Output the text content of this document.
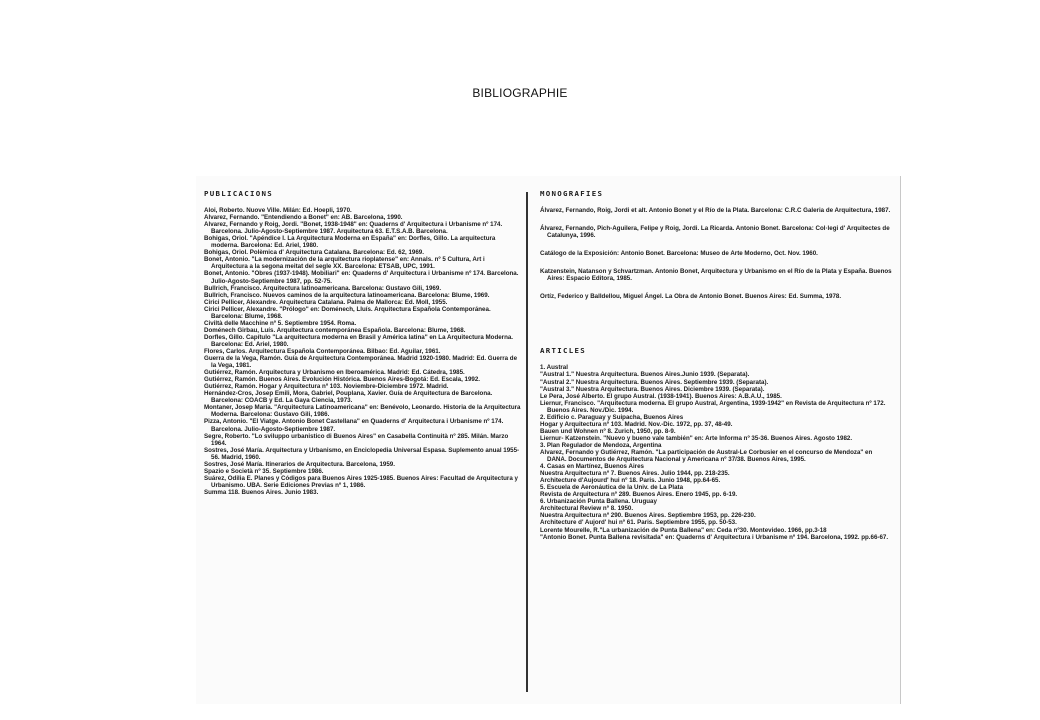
BIBLIOGRAPHIE
PUBLICACIONS

Aloi, Roberto. Nuove Ville. Milán: Ed. Hoepli, 1970.

Alvarez, Fernando. "Entendiendo a Bonet" en: AB. Barcelona, 1990.

Alvarez, Fernando y Roig, Jordi. "Bonet, 1938-1948" en: Quaderns d' Arquitectura i Urbanisme nº 174. Barcelona. Julio-Agosto-Septiembre 1987. Arquitectura 63. E.T.S.A.B. Barcelona.

Bohigas, Oriol. "Apéndice I. La Arquitectura Moderna en España" en: Dorfles, Gillo. La arquitectura moderna. Barcelona: Ed. Ariel, 1980.

Bohigas, Oriol. Polèmica d' Arquitectura Catalana. Barcelona: Ed. 62, 1969.

Bonet, Antonio. "La modernización de la arquitectura rioplatense" en: Annals. nº 5 Cultura, Art i Arquitectura a la segona meitat del segle XX. Barcelona: ETSAB, UPC, 1991.

Bonet, Antonio. "Obres (1937-1948). Mobiliari" en: Quaderns d' Arquitectura i Urbanisme nº 174. Barcelona. Julio-Agosto-Septiembre 1987, pp. 52-75.

Bullrich, Francisco. Arquitectura latinoamericana. Barcelona: Gustavo Gili, 1969.

Bullrich, Francisco. Nuevos caminos de la arquitectura latinoamericana. Barcelona: Blume, 1969.

Cirici Pellicer, Alexandre. Arquitectura Catalana. Palma de Mallorca: Ed. Moll, 1955.

Cirici Pellicer, Alexandre. "Prólogo" en: Doménech, Lluís. Arquitectura Española Contemporánea. Barcelona: Blume, 1968.

Civiltà delle Macchine nº 5. Septiembre 1954. Roma.

Doménech Girbau, Luís. Arquitectura contemporánea Española. Barcelona: Blume, 1968.

Dorfles, Gillo. Capítulo "La arquitectura moderna en Brasil y América latina" en La Arquitectura Moderna. Barcelona: Ed. Ariel, 1980.

Flores, Carlos. Arquitectura Española Contemporánea. Bilbao: Ed. Aguilar, 1961.

Guerra de la Vega, Ramón. Guía de Arquitectura Contemporánea. Madrid 1920-1980. Madrid: Ed. Guerra de la Vega, 1981.

Gutiérrez, Ramón. Arquitectura y Urbanismo en Iberoamérica. Madrid: Ed. Cátedra, 1985.

Gutiérrez, Ramón. Buenos Aires. Evolución Histórica. Buenos Aires-Bogotá: Ed. Escala, 1992.

Gutiérrez, Ramón. Hogar y Arquitectura nº 103. Noviembre-Diciembre 1972. Madrid.

Hernández-Cros, Josep Emili, Mora, Gabriel, Pouplana, Xavier. Guía de Arquitectura de Barcelona. Barcelona: COACB y Ed. La Gaya Ciencia, 1973.

Montaner, Josep María. "Arquitectura Latinoamericana" en: Benévolo, Leonardo. Historia de la Arquitectura Moderna. Barcelona: Gustavo Gili, 1986.

Pizza, Antonio. "El Viatge. Antonio Bonet Castellana" en Quaderns d' Arquitectura i Urbanisme nº 174. Barcelona. Julio-Agosto-Septiembre 1987.

Segre, Roberto. "Lo sviluppo urbanistico di Buenos Aires" en Casabella Continuità nº 285. Milán. Marzo 1964.

Sostres, José María. Arquitectura y Urbanismo, en Enciclopedia Universal Espasa. Suplemento anual 1955-56. Madrid, 1960.

Sostres, José María. Itinerarios de Arquitectura. Barcelona, 1959.

Spazio e Società nº 35. Septiembre 1986.

Suárez, Odilia E. Planes y Códigos para Buenos Aires 1925-1985. Buenos Aires: Facultad de Arquitectura y Urbanismo. UBA. Serie Ediciones Previas nº 1, 1986.

Summa 118. Buenos Aires. Junio 1983.

MONOGRAFIES

Álvarez, Fernando, Roig, Jordi et alt. Antonio Bonet y el Río de la Plata. Barcelona: C.R.C Galeria de Arquitectura, 1987.

Álvarez, Fernando, Pich-Aguilera, Felipe y Roig, Jordi. La Ricarda. Antonio Bonet. Barcelona: Col·legi d' Arquitectes de Catalunya, 1996.

Catálogo de la Exposición: Antonio Bonet. Barcelona: Museo de Arte Moderno, Oct. Nov. 1960.

Katzenstein, Natanson y Schvartzman. Antonio Bonet, Arquitectura y Urbanismo en el Río de la Plata y España. Buenos Aires: Espacio Editora, 1985.

Ortíz, Federico y Balldellou, Miguel Ángel. La Obra de Antonio Bonet. Buenos Aires: Ed. Summa, 1978.

ARTICLES

1. Austral

"Austral 1." Nuestra Arquitectura. Buenos Aires.Junio 1939. (Separata).

"Austral 2." Nuestra Arquitectura. Buenos Aires. Septiembre 1939. (Separata).

"Austral 3." Nuestra Arquitectura. Buenos Aires. Diciembre 1939. (Separata).

Le Pera, José Alberto. El grupo Austral. (1938-1941). Buenos Aires: A.B.A.U., 1985.

Liernur, Francisco. "Arquitectura moderna. El grupo Austral, Argentina, 1939-1942" en Revista de Arquitectura nº 172. Buenos Aires. Nov./Dic. 1994.

2. Edificio c. Paraguay y Suipacha, Buenos Aires

Hogar y Arquitectura nº 103. Madrid. Nov.-Dic. 1972, pp. 37, 48-49.

Bauen und Wohnen nº 8. Zurich, 1950, pp. 8-9.

Liernur- Katzenstein. "Nuevo y bueno vale también" en: Arte Informa nº 35-36. Buenos Aires. Agosto 1982.

3. Plan Regulador de Mendoza, Argentina

Alvarez, Fernando y Gutiérrez, Ramón. "La participación de Austral-Le Corbusier en el concurso de Mendoza" en DANA. Documentos de Arquitectura Nacional y Americana nº 37/38. Buenos Aires, 1995.

4. Casas en Martínez, Buenos Aires

Nuestra Arquitectura nº 7. Buenos Aires. Julio 1944, pp. 218-235.

Architecture d'Aujourd' hui nº 18. Paris. Junio 1948, pp.64-65.

5. Escuela de Aeronáutica de la Univ. de La Plata

Revista de Arquitectura nº 289. Buenos Aires. Enero 1945, pp. 6-19.

6. Urbanización Punta Ballena. Uruguay

Architectural Review nº 8. 1950.

Nuestra Arquitectura nº 290. Buenos Aires. Septiembre 1953, pp. 226-230.

Architecture d' Aujord' hui nº 61. Paris. Septiembre 1955, pp. 50-53.

Lorente Mourelle, R."La urbanización de Punta Ballena" en: Ceda nº30. Montevideo. 1966, pp.3-18

"Antonio Bonet. Punta Ballena revisitada" en: Quaderns d' Arquitectura i Urbanisme nº 194. Barcelona, 1992. pp.66-67.
